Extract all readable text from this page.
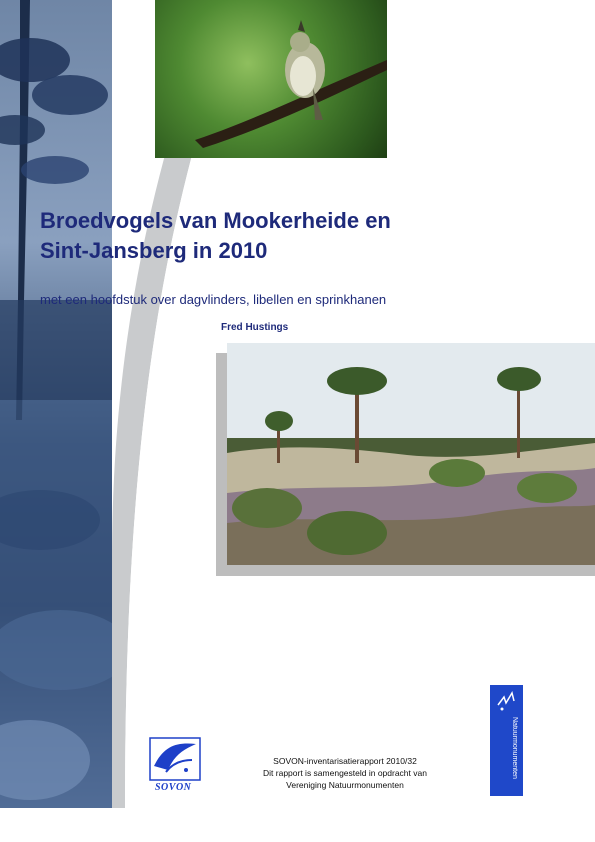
Broedvogels van Mookerheide en
Sint-Jansberg in 2010
met een hoofdstuk over dagvlinders, libellen en sprinkhanen
Fred Hustings
SOVON
SOVON-inventarisatierapport 2010/32
Dit rapport is samengesteld in opdracht van
Vereniging Natuurmonumenten
Natuurmonumenten
